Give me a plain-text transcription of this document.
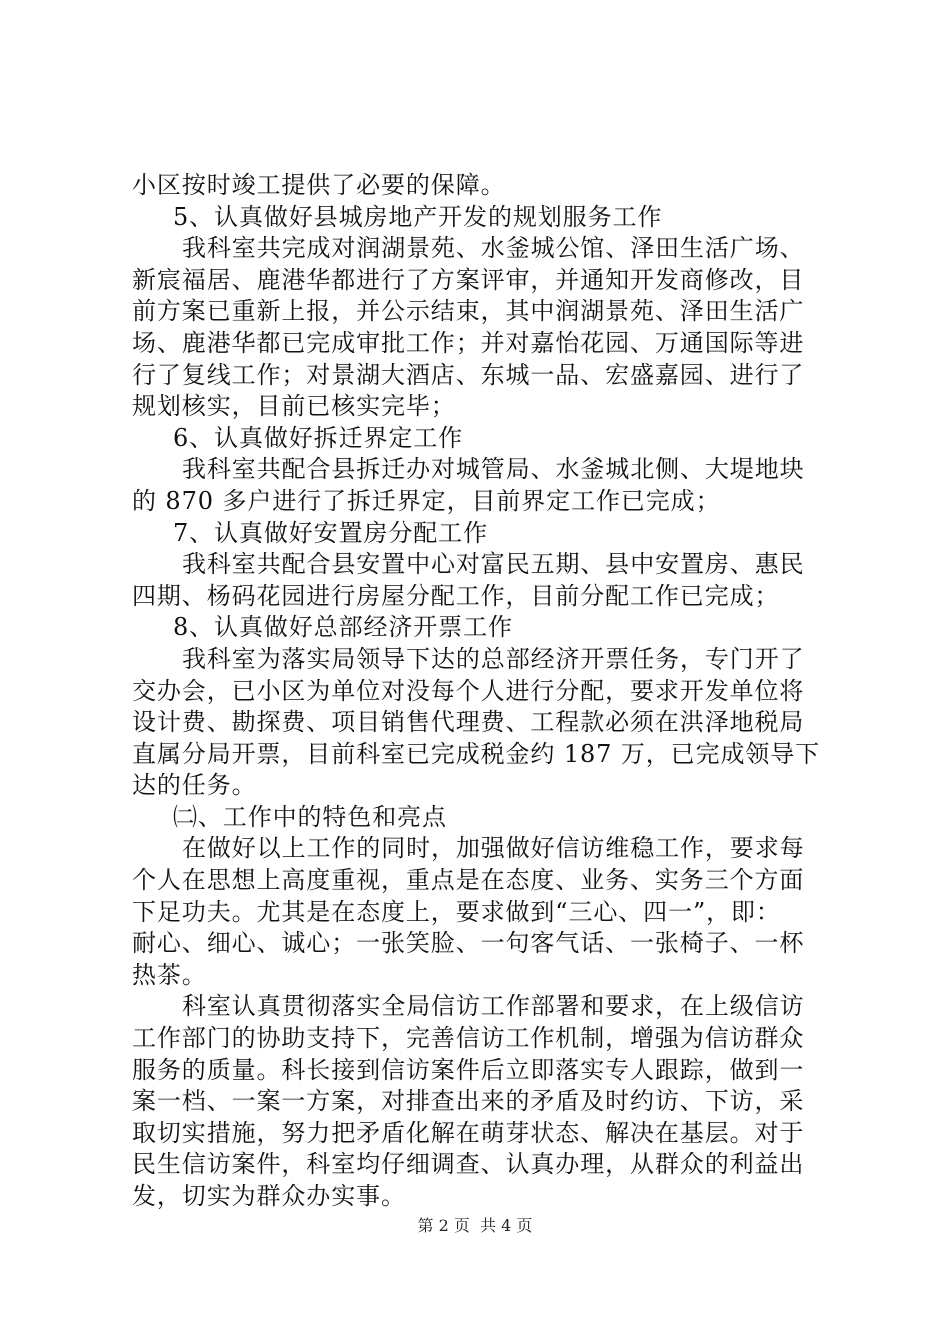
小区按时竣工提供了必要的保障。
5、认真做好县城房地产开发的规划服务工作
我科室共完成对润湖景苑、水釜城公馆、泽田生活广场、
新宸福居、鹿港华都进行了方案评审，并通知开发商修改，目
前方案已重新上报，并公示结束，其中润湖景苑、泽田生活广
场、鹿港华都已完成审批工作；并对嘉怡花园、万通国际等进
行了复线工作；对景湖大酒店、东城一品、宏盛嘉园、进行了
规划核实，目前已核实完毕；
6、认真做好拆迁界定工作
我科室共配合县拆迁办对城管局、水釜城北侧、大堤地块
的 870 多户进行了拆迁界定，目前界定工作已完成；
7、认真做好安置房分配工作
我科室共配合县安置中心对富民五期、县中安置房、惠民
四期、杨码花园进行房屋分配工作，目前分配工作已完成；
8、认真做好总部经济开票工作
我科室为落实局领导下达的总部经济开票任务，专门开了
交办会，已小区为单位对没每个人进行分配，要求开发单位将
设计费、勘探费、项目销售代理费、工程款必须在洪泽地税局
直属分局开票，目前科室已完成税金约 187 万，已完成领导下
达的任务。
㈡、工作中的特色和亮点
在做好以上工作的同时，加强做好信访维稳工作，要求每
个人在思想上高度重视，重点是在态度、业务、实务三个方面
下足功夫。尤其是在态度上，要求做到“三心、四一”，即：
耐心、细心、诚心；一张笑脸、一句客气话、一张椅子、一杯
热茶。
科室认真贯彻落实全局信访工作部署和要求，在上级信访
工作部门的协助支持下，完善信访工作机制，增强为信访群众
服务的质量。科长接到信访案件后立即落实专人跟踪，做到一
案一档、一案一方案，对排查出来的矛盾及时约访、下访，采
取切实措施，努力把矛盾化解在萌芽状态、解决在基层。对于
民生信访案件，科室均仔细调查、认真办理，从群众的利益出
发，切实为群众办实事。
第 2 页 共 4 页
